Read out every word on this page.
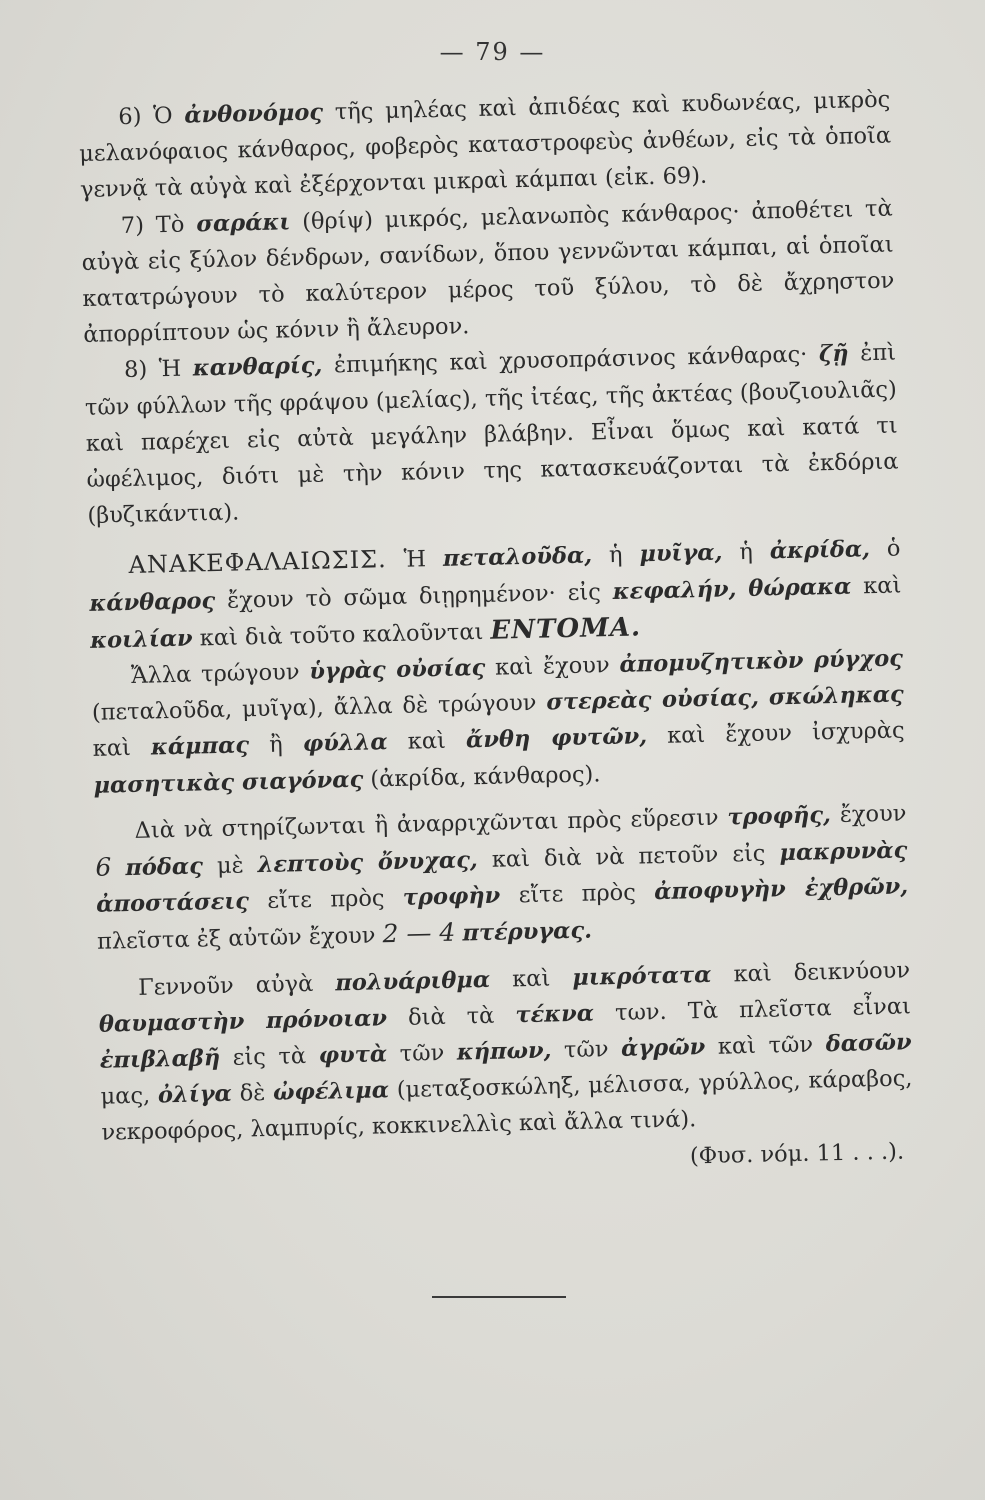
— 79 —

6) Ὁ ἀνθονόμος τῆς μηλέας καὶ ἀπιδέας καὶ κυδωνέας, μικρὸς μελανόφαιος κάνθαρος, φοβερὸς καταστροφεὺς ἀνθέων, εἰς τὰ ὁποῖα γεννᾷ τὰ αὐγὰ καὶ ἐξέρχονται μικραὶ κάμπαι (εἰκ. 69).

7) Τὸ σαράκι (θρίψ) μικρός, μελανωπὸς κάνθαρος· ἀποθέτει τὰ αὐγὰ εἰς ξύλον δένδρων, σανίδων, ὅπου γεννῶνται κάμπαι, αἱ ὁποῖαι κατατρώγουν τὸ καλύτερον μέρος τοῦ ξύλου, τὸ δὲ ἄχρηστον ἀπορρίπτουν ὡς κόνιν ἢ ἄλευρον.

8) Ἡ κανθαρίς, ἐπιμήκης καὶ χρυσοπράσινος κάνθαρας· ζῇ ἐπὶ τῶν φύλλων τῆς φράψου (μελίας), τῆς ἰτέας, τῆς ἀκτέας (βουζιουλιᾶς) καὶ παρέχει εἰς αὐτὰ μεγάλην βλάβην. Εἶναι ὅμως καὶ κατά τι ὠφέλιμος, διότι μὲ τὴν κόνιν της κατασκευάζονται τὰ ἐκδόρια (βυζικάντια).

ΑΝΑΚΕΦΑΛΑΙΩΣΙΣ. Ἡ πεταλοῦδα, ἡ μυῖγα, ἡ ἀκρίδα, ὁ κάνθαρος ἔχουν τὸ σῶμα διῃρημένον· εἰς κεφαλήν, θώρακα καὶ κοιλίαν καὶ διὰ τοῦτο καλοῦνται ΕΝΤΟΜΑ.

Ἄλλα τρώγουν ὑγρὰς οὐσίας καὶ ἔχουν ἀπομυζητικὸν ρύγχος (πεταλοῦδα, μυῖγα), ἄλλα δὲ τρώγουν στερεὰς οὐσίας, σκώληκας καὶ κάμπας ἢ φύλλα καὶ ἄνθη φυτῶν, καὶ ἔχουν ἰσχυρὰς μασητικὰς σιαγόνας (ἀκρίδα, κάνθαρος).

Διὰ νὰ στηρίζωνται ἢ ἀναρριχῶνται πρὸς εὕρεσιν τροφῆς, ἔχουν 6 πόδας μὲ λεπτοὺς ὄνυχας, καὶ διὰ νὰ πετοῦν εἰς μακρυνὰς ἀποστάσεις εἴτε πρὸς τροφὴν εἴτε πρὸς ἀποφυγὴν ἐχθρῶν, πλεῖστα ἐξ αὐτῶν ἔχουν 2 — 4 πτέρυγας.

Γεννοῦν αὐγὰ πολυάριθμα καὶ μικρότατα καὶ δεικνύουν θαυμαστὴν πρόνοιαν διὰ τὰ τέκνα των. Τὰ πλεῖστα εἶναι ἐπιβλαβῆ εἰς τὰ φυτὰ τῶν κήπων, τῶν ἀγρῶν καὶ τῶν δασῶν μας, ὀλίγα δὲ ὠφέλιμα (μεταξοσκώληξ, μέλισσα, γρύλλος, κάραβος, νεκροφόρος, λαμπυρίς, κοκκινελλὶς καὶ ἄλλα τινά).

(Φυσ. νόμ. 11 . . .).
